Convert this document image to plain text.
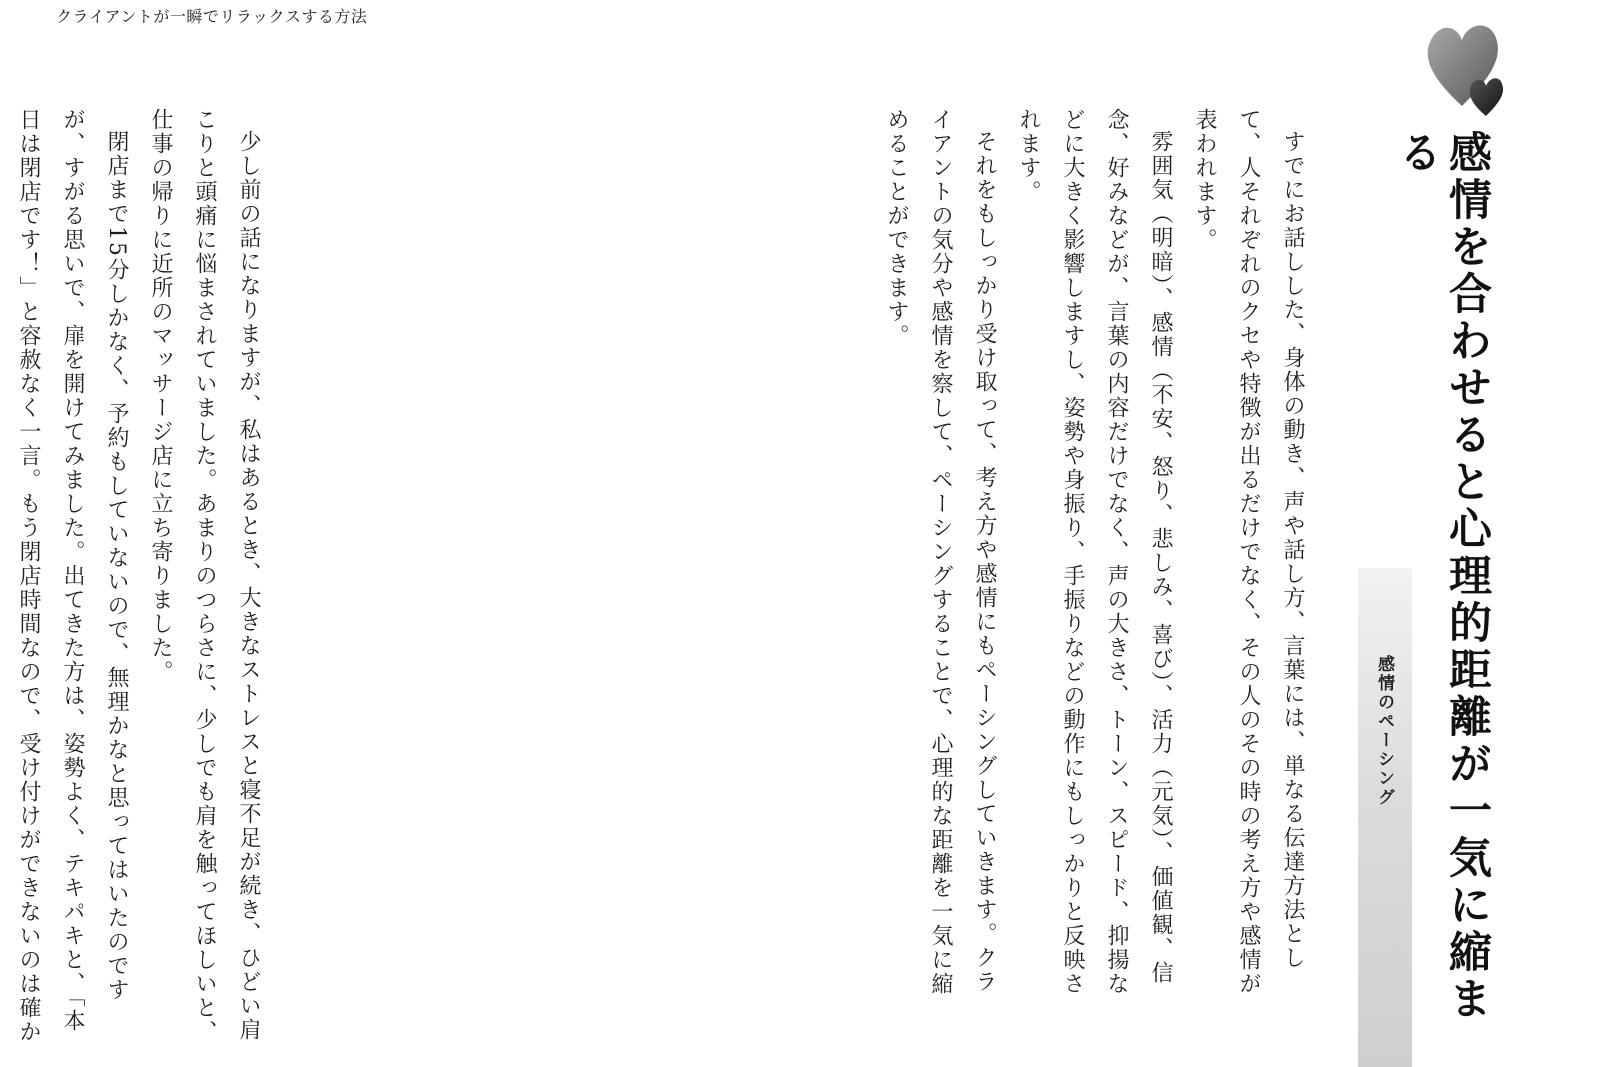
クライアントが一瞬でリラックスする方法
感情を合わせると心理的距離が一気に縮まる
感情のペーシング

すでにお話しした、身体の動き、声や話し方、言葉には、単なる伝達方法として、人それぞれのクセや特徴が出るだけでなく、その人のその時の考え方や感情が表われます。

雰囲気（明暗）、感情（不安、怒り、悲しみ、喜び）、活力（元気）、価値観、信念、好みなどが、言葉の内容だけでなく、声の大きさ、トーン、スピード、抑揚などに大きく影響しますし、姿勢や身振り、手振りなどの動作にもしっかりと反映されます。

それをもしっかり受け取って、考え方や感情にもペーシングしていきます。クライアントの気分や感情を察して、ペーシングすることで、心理的な距離を一気に縮めることができます。

少し前の話になりますが、私はあるとき、大きなストレスと寝不足が続き、ひどい肩こりと頭痛に悩まされていました。あまりのつらさに、少しでも肩を触ってほしいと、仕事の帰りに近所のマッサージ店に立ち寄りました。

閉店まで15分しかなく、予約もしていないので、無理かなと思ってはいたのですが、すがる思いで、扉を開けてみました。出てきた方は、姿勢よく、テキパキと、「本日は閉店です！」と容赦なく一言。もう閉店時間なので、受け付けができないのは確か
